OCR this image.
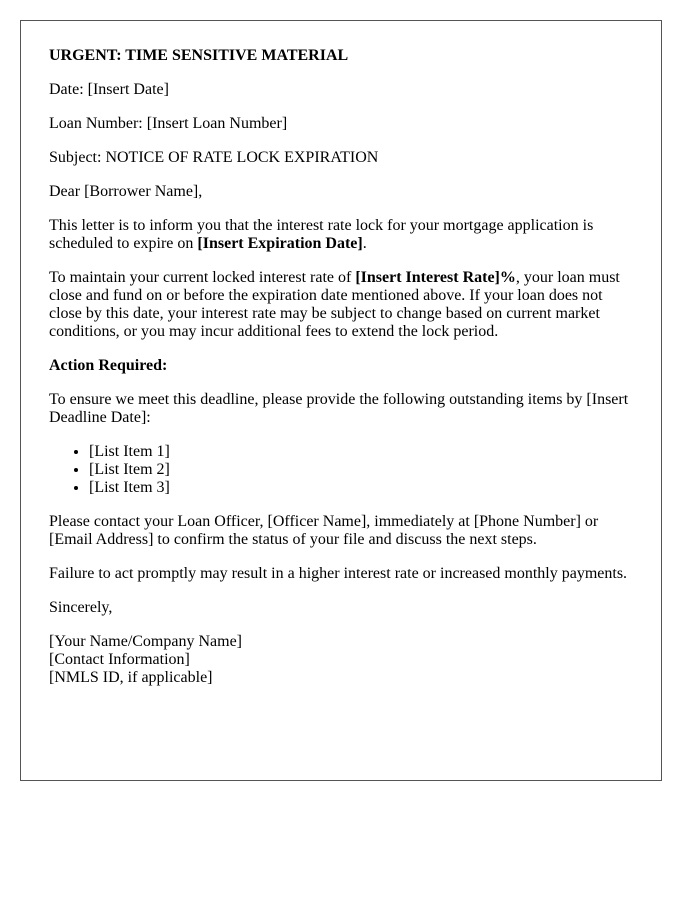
URGENT: TIME SENSITIVE MATERIAL

Date: [Insert Date]

Loan Number: [Insert Loan Number]

Subject: NOTICE OF RATE LOCK EXPIRATION

Dear [Borrower Name],

This letter is to inform you that the interest rate lock for your mortgage application is scheduled to expire on [Insert Expiration Date].

To maintain your current locked interest rate of [Insert Interest Rate]%, your loan must close and fund on or before the expiration date mentioned above. If your loan does not close by this date, your interest rate may be subject to change based on current market conditions, or you may incur additional fees to extend the lock period.

Action Required:

To ensure we meet this deadline, please provide the following outstanding items by [Insert Deadline Date]:

• [List Item 1]
• [List Item 2]
• [List Item 3]

Please contact your Loan Officer, [Officer Name], immediately at [Phone Number] or [Email Address] to confirm the status of your file and discuss the next steps.

Failure to act promptly may result in a higher interest rate or increased monthly payments.

Sincerely,

[Your Name/Company Name]
[Contact Information]
[NMLS ID, if applicable]
